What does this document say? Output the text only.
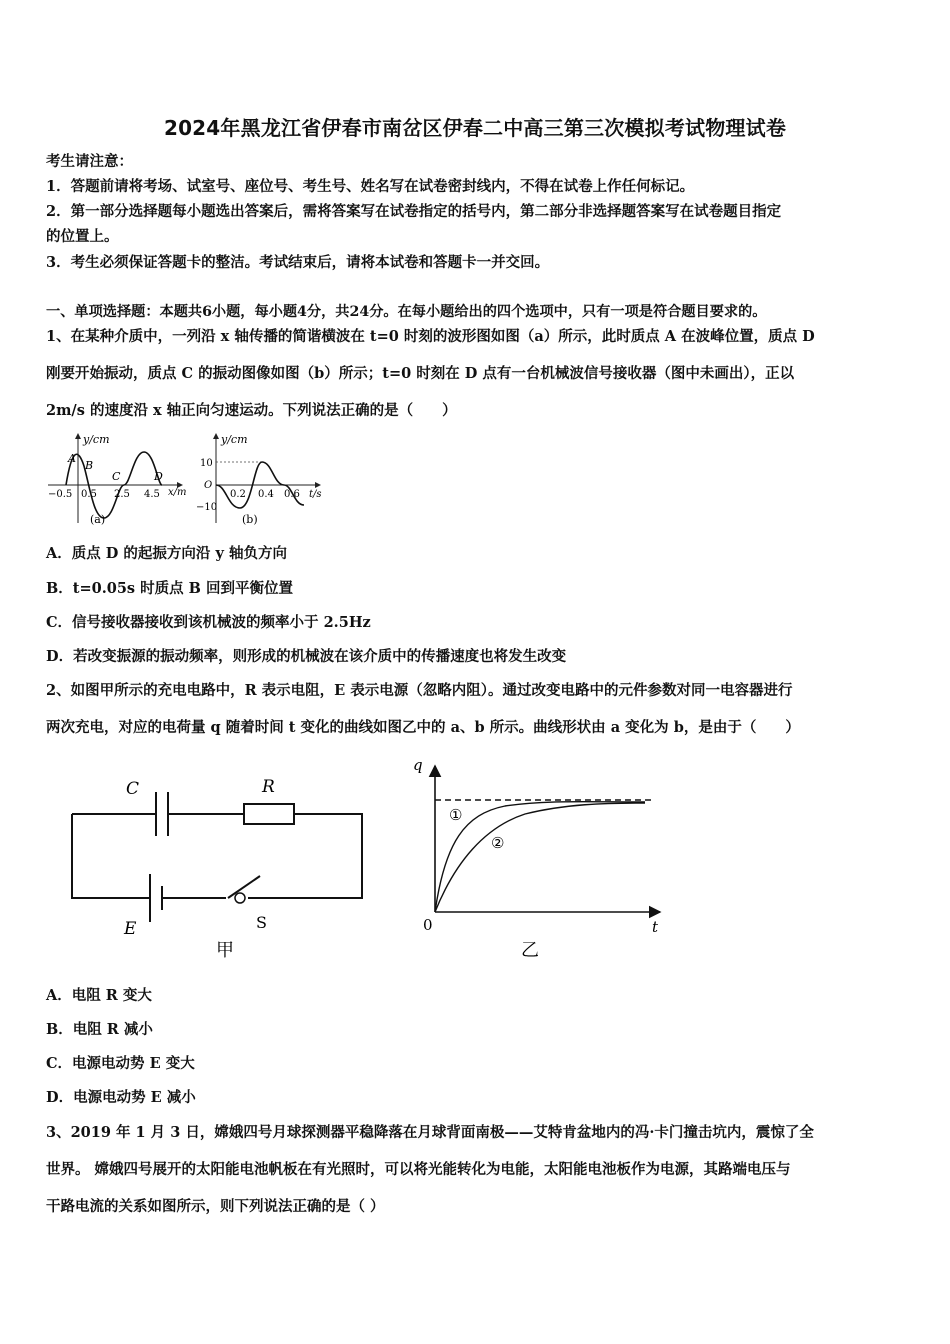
2024年黑龙江省伊春市南岔区伊春二中高三第三次模拟考试物理试卷
考生请注意：
1．答题前请将考场、试室号、座位号、考生号、姓名写在试卷密封线内，不得在试卷上作任何标记。
2．第一部分选择题每小题选出答案后，需将答案写在试卷指定的括号内，第二部分非选择题答案写在试卷题目指定
的位置上。
3．考生必须保证答题卡的整洁。考试结束后，请将本试卷和答题卡一并交回。
一、单项选择题：本题共6小题，每小题4分，共24分。在每小题给出的四个选项中，只有一项是符合题目要求的。
1、在某种介质中，一列沿 x 轴传播的简谐横波在 t=0 时刻的波形图如图（a）所示，此时质点 A 在波峰位置，质点 D
刚要开始振动，质点 C 的振动图像如图（b）所示；t=0 时刻在 D 点有一台机械波信号接收器（图中未画出），正以
2m/s 的速度沿 x 轴正向匀速运动。下列说法正确的是（　　）
y/cm
x/m
A
B
C	D
−0.5 0.5 2.5 4.5
(a)
y/cm
10
−10
O
0.2 0.4 0.6 t/s
(b)
A．质点 D 的起振方向沿 y 轴负方向
B．t=0.05s 时质点 B 回到平衡位置
C．信号接收器接收到该机械波的频率小于 2.5Hz
D．若改变振源的振动频率，则形成的机械波在该介质中的传播速度也将发生改变
2、如图甲所示的充电电路中，R 表示电阻，E 表示电源（忽略内阻）。通过改变电路中的元件参数对同一电容器进行
两次充电，对应的电荷量 q 随着时间 t 变化的曲线如图乙中的 a、b 所示。曲线形状由 a 变化为 b，是由于（　　）
C	R
E	S
甲
q
t
0
①
②
乙
A．电阻 R 变大
B．电阻 R 减小
C．电源电动势 E 变大
D．电源电动势 E 减小
3、2019 年 1 月 3 日，嫦娥四号月球探测器平稳降落在月球背面南极——艾特肯盆地内的冯·卡门撞击坑内，震惊了全
世界。 嫦娥四号展开的太阳能电池帆板在有光照时，可以将光能转化为电能，太阳能电池板作为电源，其路端电压与
干路电流的关系如图所示，则下列说法正确的是（ ）
